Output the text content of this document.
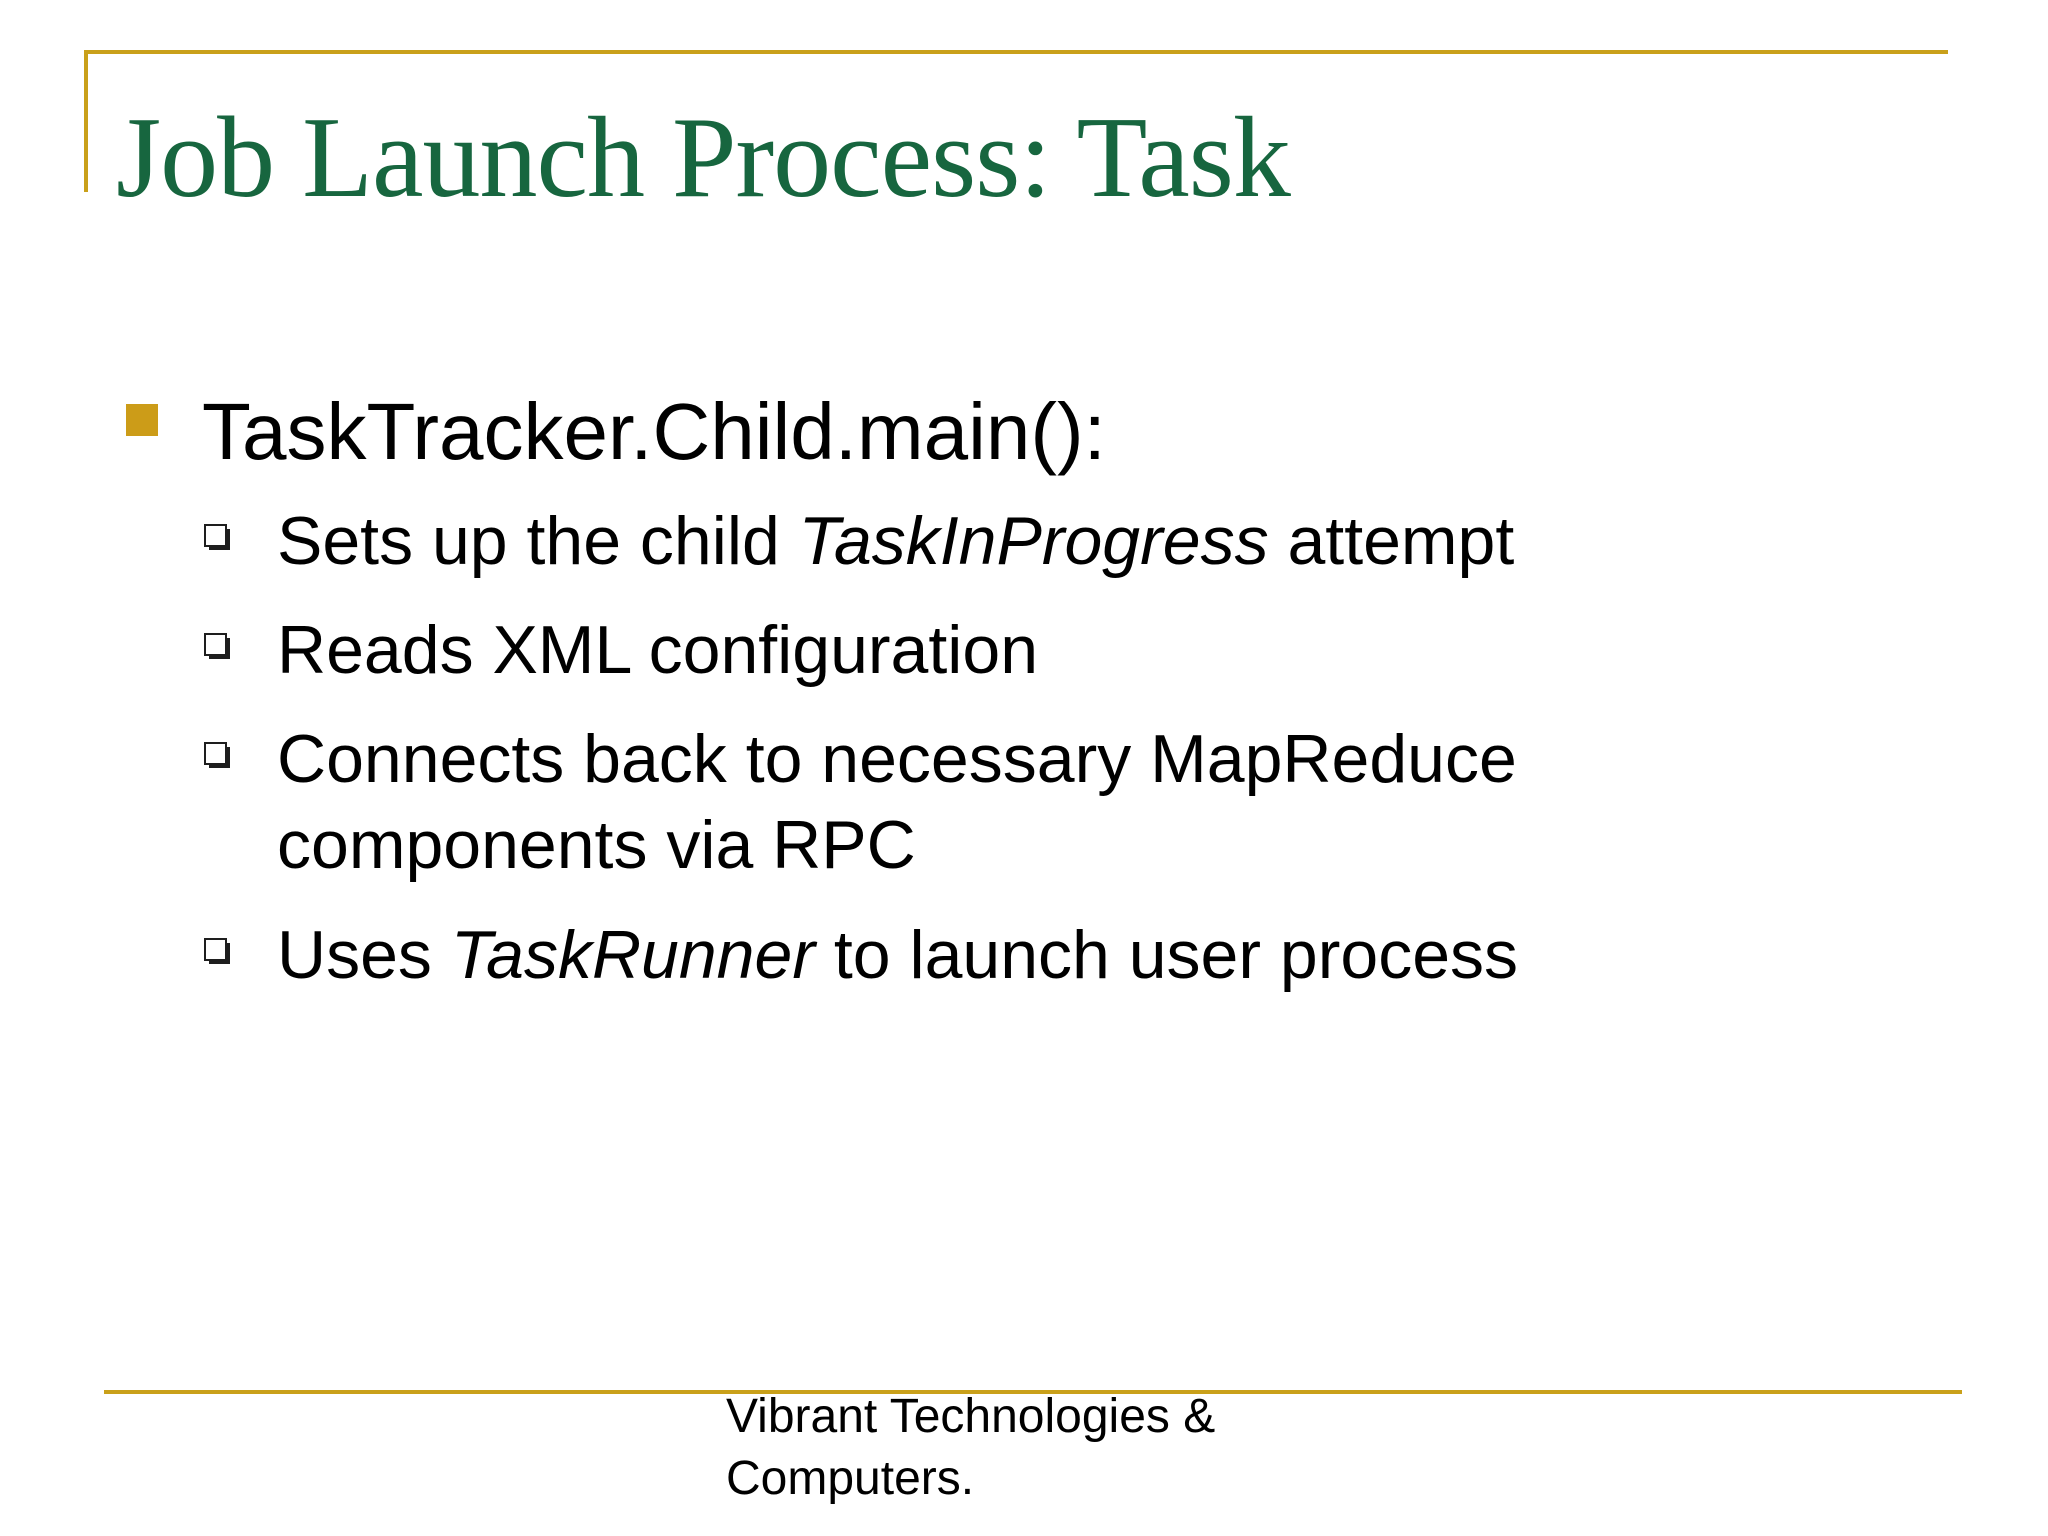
Job Launch Process: Task
TaskTracker.Child.main():
Sets up the child TaskInProgress attempt
Reads XML configuration
Connects back to necessary MapReduce
components via RPC
Uses TaskRunner to launch user process
Vibrant Technologies &
Computers.
